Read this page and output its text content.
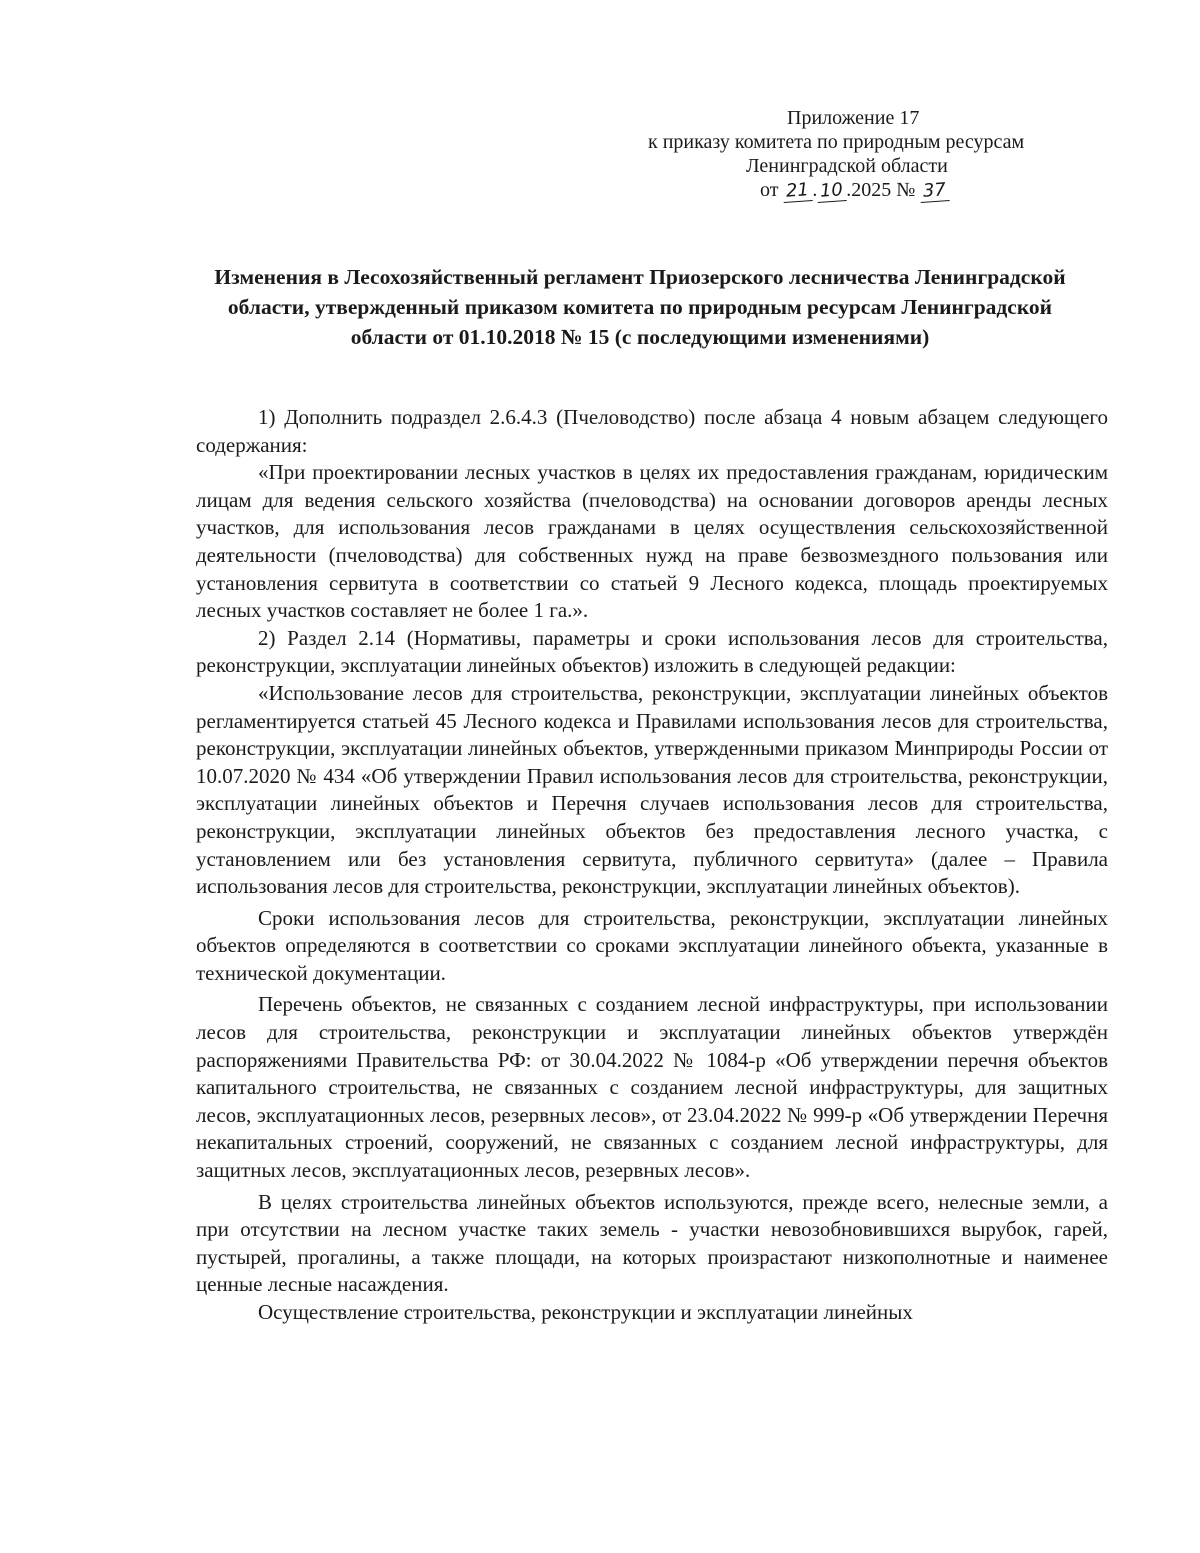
Приложение 17
к приказу комитета по природным ресурсам
Ленинградской области
от 21 . 10 .2025 № 37
Изменения в Лесохозяйственный регламент Приозерского лесничества Ленинградской области, утвержденный приказом комитета по природным ресурсам Ленинградской области от 01.10.2018 № 15 (с последующими изменениями)

1) Дополнить подраздел 2.6.4.3 (Пчеловодство) после абзаца 4 новым абзацем следующего содержания:

«При проектировании лесных участков в целях их предоставления гражданам, юридическим лицам для ведения сельского хозяйства (пчеловодства) на основании договоров аренды лесных участков, для использования лесов гражданами в целях осуществления сельскохозяйственной деятельности (пчеловодства) для собственных нужд на праве безвозмездного пользования или установления сервитута в соответствии со статьей 9 Лесного кодекса, площадь проектируемых лесных участков составляет не более 1 га.».

2) Раздел 2.14 (Нормативы, параметры и сроки использования лесов для строительства, реконструкции, эксплуатации линейных объектов) изложить в следующей редакции:

«Использование лесов для строительства, реконструкции, эксплуатации линейных объектов регламентируется статьей 45 Лесного кодекса и Правилами использования лесов для строительства, реконструкции, эксплуатации линейных объектов, утвержденными приказом Минприроды России от 10.07.2020 № 434 «Об утверждении Правил использования лесов для строительства, реконструкции, эксплуатации линейных объектов и Перечня случаев использования лесов для строительства, реконструкции, эксплуатации линейных объектов без предоставления лесного участка, с установлением или без установления сервитута, публичного сервитута» (далее – Правила использования лесов для строительства, реконструкции, эксплуатации линейных объектов).

Сроки использования лесов для строительства, реконструкции, эксплуатации линейных объектов определяются в соответствии со сроками эксплуатации линейного объекта, указанные в технической документации.

Перечень объектов, не связанных с созданием лесной инфраструктуры, при использовании лесов для строительства, реконструкции и эксплуатации линейных объектов утверждён распоряжениями Правительства РФ: от 30.04.2022 № 1084-р «Об утверждении перечня объектов капитального строительства, не связанных с созданием лесной инфраструктуры, для защитных лесов, эксплуатационных лесов, резервных лесов», от 23.04.2022 № 999-р «Об утверждении Перечня некапитальных строений, сооружений, не связанных с созданием лесной инфраструктуры, для защитных лесов, эксплуатационных лесов, резервных лесов».

В целях строительства линейных объектов используются, прежде всего, нелесные земли, а при отсутствии на лесном участке таких земель - участки невозобновившихся вырубок, гарей, пустырей, прогалины, а также площади, на которых произрастают низкополнотные и наименее ценные лесные насаждения.

Осуществление строительства, реконструкции и эксплуатации линейных
